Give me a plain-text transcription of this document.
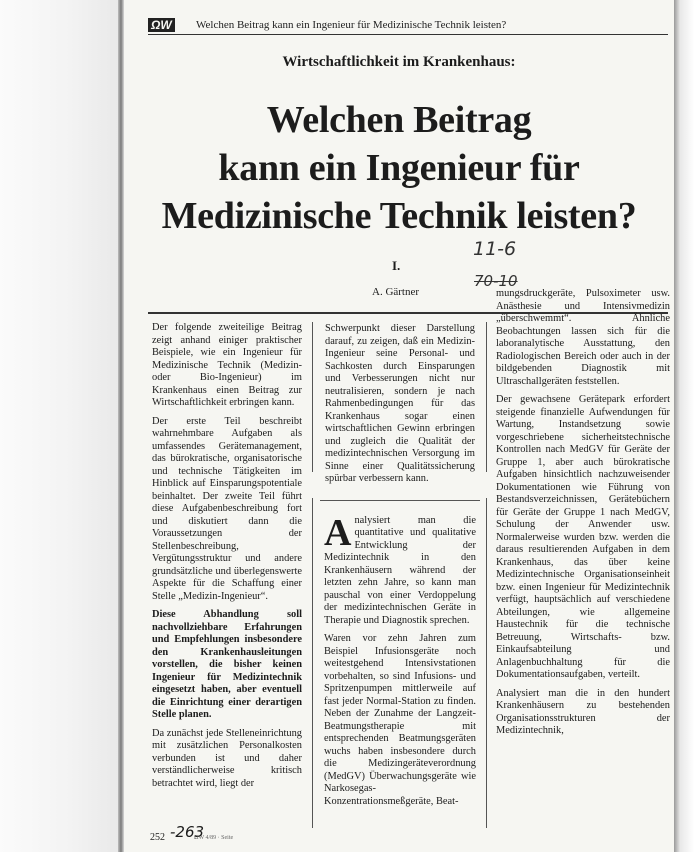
ΩW Welchen Beitrag kann ein Ingenieur für Medizinische Technik leisten?
Wirtschaftlichkeit im Krankenhaus:
Welchen Beitrag
kann ein Ingenieur für
Medizinische Technik leisten?
I.
A. Gärtner
11-6
70-10

Der folgende zweiteilige Beitrag zeigt anhand einiger praktischer Beispiele, wie ein Ingenieur für Medizinische Technik (Medizin- oder Bio-Ingenieur) im Krankenhaus einen Beitrag zur Wirtschaftlichkeit erbringen kann.

Der erste Teil beschreibt wahrnehmbare Aufgaben als umfassendes Gerätemanagement, das bürokratische, organisatorische und technische Tätigkeiten im Hinblick auf Einsparungspotentiale beinhaltet. Der zweite Teil führt diese Aufgabenbeschreibung fort und diskutiert dann die Voraussetzungen der Stellenbeschreibung, Vergütungsstruktur und andere grundsätzliche und überlegenswerte Aspekte für die Schaffung einer Stelle „Medizin-Ingenieur“.

Diese Abhandlung soll nachvollziehbare Erfahrungen und Empfehlungen insbesondere den Krankenhausleitungen vorstellen, die bisher keinen Ingenieur für Medizintechnik eingesetzt haben, aber eventuell die Einrichtung einer derartigen Stelle planen.

Da zunächst jede Stelleneinrichtung mit zusätzlichen Personalkosten verbunden ist und daher verständlicherweise kritisch betrachtet wird, liegt der

Schwerpunkt dieser Darstellung darauf, zu zeigen, daß ein Medizin-Ingenieur seine Personal- und Sachkosten durch Einsparungen und Verbesserungen nicht nur neutralisieren, sondern je nach Rahmenbedingungen für das Krankenhaus sogar einen wirtschaftlichen Gewinn erbringen und zugleich die Qualität der medizintechnischen Versorgung im Sinne einer Qualitätssicherung spürbar verbessern kann.

Analysiert man die quantitative und qualitative Entwicklung der Medizintechnik in den Krankenhäusern während der letzten zehn Jahre, so kann man pauschal von einer Verdoppelung der medizintechnischen Geräte in Therapie und Diagnostik sprechen.

Waren vor zehn Jahren zum Beispiel Infusionsgeräte noch weitestgehend Intensivstationen vorbehalten, so sind Infusions- und Spritzenpumpen mittlerweile auf fast jeder Normal-Station zu finden. Neben der Zunahme der Langzeit-Beatmungstherapie mit entsprechenden Beatmungsgeräten wuchs haben insbesondere durch die Medizingeräteverordnung (MedGV) Überwachungsgeräte wie Narkosegas-Konzentrationsmeßgeräte, Beat-

mungsdruckgeräte, Pulsoximeter usw. Anästhesie und Intensivmedizin „überschwemmt“. Ähnliche Beobachtungen lassen sich für die laboranalytische Ausstattung, den Radiologischen Bereich oder auch in der bildgebenden Diagnostik mit Ultraschallgeräten feststellen.

Der gewachsene Gerätepark erfordert steigende finanzielle Aufwendungen für Wartung, Instandsetzung sowie vorgeschriebene sicherheitstechnische Kontrollen nach MedGV für Geräte der Gruppe 1, aber auch bürokratische Aufgaben hinsichtlich nachzuweisender Dokumentationen wie Führung von Bestandsverzeichnissen, Gerätebüchern für Geräte der Gruppe 1 nach MedGV, Schulung der Anwender usw. Normalerweise wurden bzw. werden die daraus resultierenden Aufgaben in dem Krankenhaus, das über keine Medizintechnische Organisationseinheit bzw. einen Ingenieur für Medizintechnik verfügt, hauptsächlich auf verschiedene Abteilungen, wie allgemeine Haustechnik für die technische Betreuung, Wirtschafts- bzw. Einkaufsabteilung und Anlagenbuchhaltung für die Dokumentationsaufgaben, verteilt.

Analysiert man die in den hundert Krankenhäusern zu bestehenden Organisationsstrukturen der Medizintechnik,

252 -263
ΩW 4/89 · Seite
